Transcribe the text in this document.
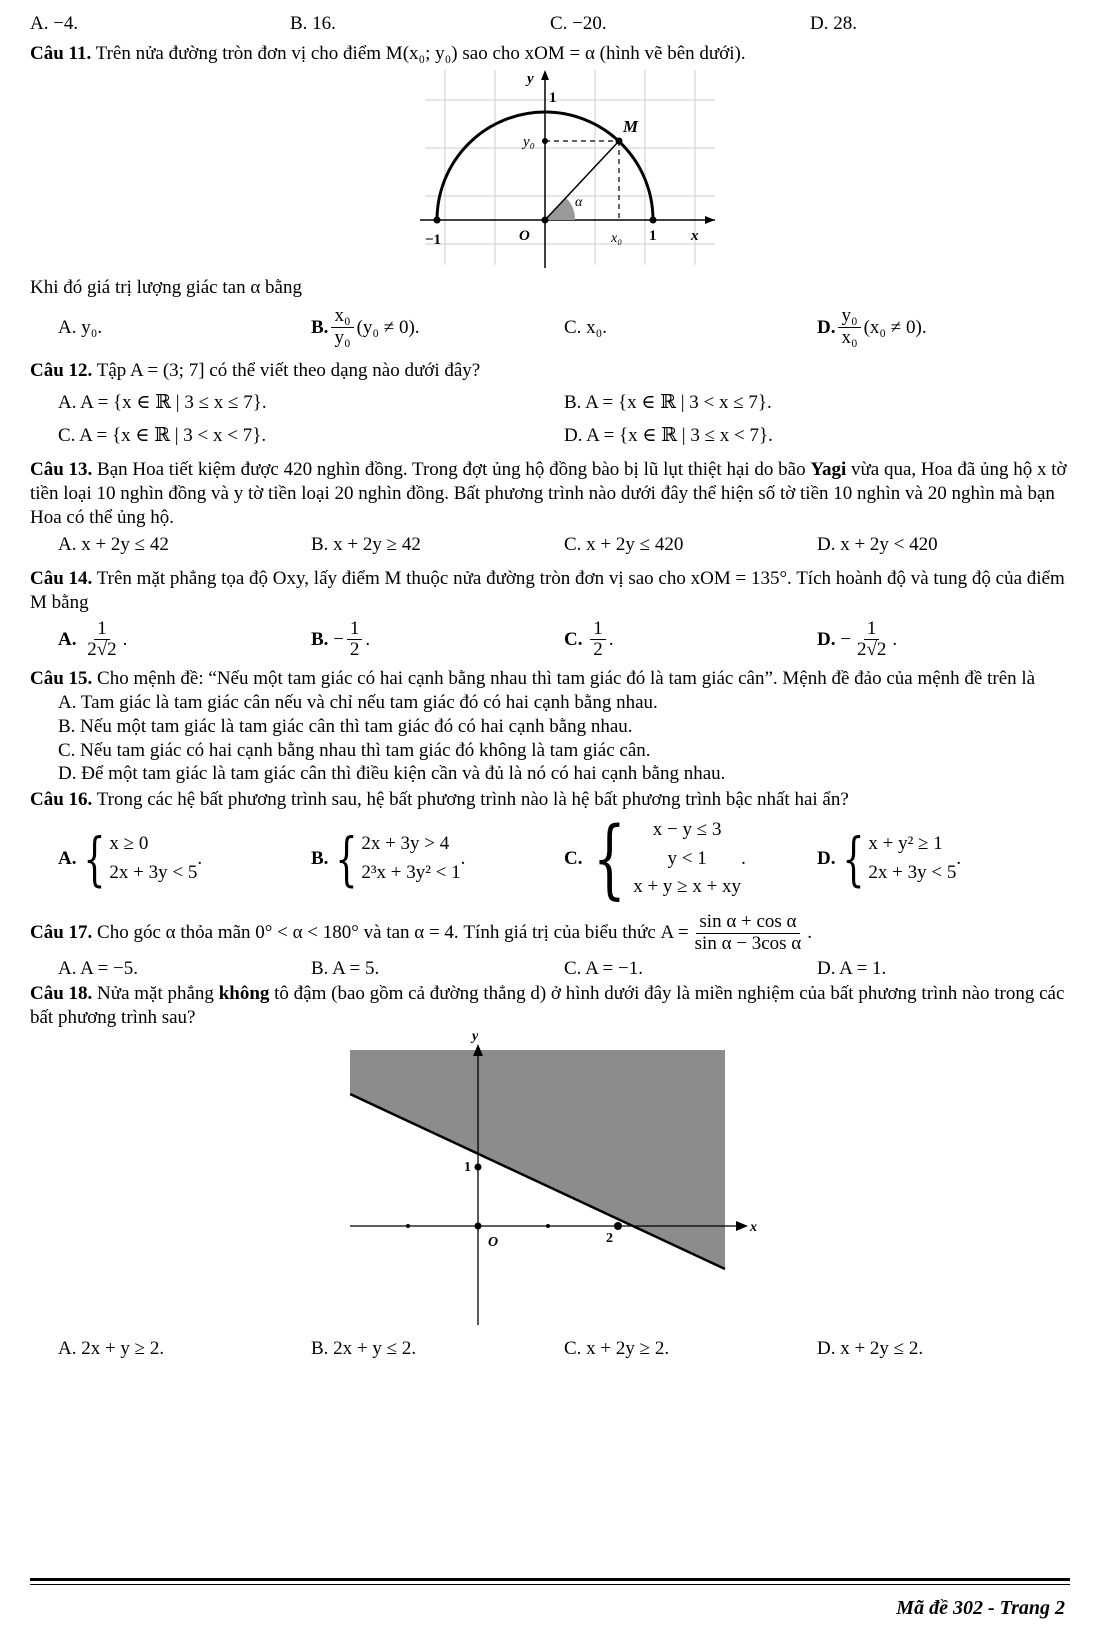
A. −4.	B. 16.	C. −20.	D. 28.
Câu 11. Trên nửa đường tròn đơn vị cho điểm M(x₀; y₀) sao cho xOM = α (hình vẽ bên dưới).
y
1
y₀
M
α
−1	O	x₀ 1 x
Khi đó giá trị lượng giác tan α bằng
A. y₀.	B. $\frac{\text{x₀}}{\text{y₀}} (y_0 \ne 0)$.	C. x₀.	D. $\frac{\text{y₀}}{\text{x₀}} (x_0 \ne 0)$.
Câu 12. Tập A = (3; 7] có thể viết theo dạng nào dưới đây?
A. A = {x ∈ ℝ | 3 ≤ x ≤ 7}.	B. A = {x ∈ ℝ | 3 < x ≤ 7}.
C. A = {x ∈ ℝ | 3 < x < 7}.	D. A = {x ∈ ℝ | 3 ≤ x < 7}.
Câu 13. Bạn Hoa tiết kiệm được 420 nghìn đồng. Trong đợt ủng hộ đồng bào bị lũ lụt thiệt hại do bão Yagi vừa qua, Hoa đã ủng hộ x tờ tiền loại 10 nghìn đồng và y tờ tiền loại 20 nghìn đồng. Bất phương trình nào dưới đây thể hiện số tờ tiền 10 nghìn và 20 nghìn mà bạn Hoa có thể ủng hộ.
A. x + 2y ≤ 42	B. x + 2y ≥ 42	C. x + 2y ≤ 420	D. x + 2y < 420
Câu 14. Trên mặt phẳng tọa độ Oxy, lấy điểm M thuộc nửa đường tròn đơn vị sao cho xOM = 135°. Tích hoành độ và tung độ của điểm M bằng
A.
$\frac{1}{2√2}$ .	B.
− $\frac{1}{2}$ .	C.
$\frac{1}{2}$ .	D.
− $\frac{1}{2√2}$ .
Câu 15. Cho mệnh đề: “Nếu một tam giác có hai cạnh bằng nhau thì tam giác đó là tam giác cân”. Mệnh đề đảo của mệnh đề trên là
A. Tam giác là tam giác cân nếu và chỉ nếu tam giác đó có hai cạnh bằng nhau.
B. Nếu một tam giác là tam giác cân thì tam giác đó có hai cạnh bằng nhau.
C. Nếu tam giác có hai cạnh bằng nhau thì tam giác đó không là tam giác cân.
D. Để một tam giác là tam giác cân thì điều kiện cần và đủ là nó có hai cạnh bằng nhau.
Câu 16. Trong các hệ bất phương trình sau, hệ bất phương trình nào là hệ bất phương trình bậc nhất hai ẩn?
A. { x ≥ 0
2x + 3y < 5
.	B. { 2x + 3y > 4
2³x + 3y² < 1
.	C. { x − y ≤ 3
y < 1
x + y ≥ x + xy
.	D. { x + y² ≥ 1
2x + 3y < 5
.
Câu 17.
Cho góc α thỏa mãn 0° < α < 180° và tan α = 4. Tính giá trị của biểu thức
$A = \frac{\text{sin α + cos α}}{\text{sin α − 3cos α}}$ .
A. A = −5.	B. A = 5.	C. A = −1.	D. A = 1.
Câu 18. Nửa mặt phẳng không tô đậm (bao gồm cả đường thẳng d) ở hình dưới đây là miền nghiệm của bất phương trình nào trong các bất phương trình sau?
y
x
O
1
2
A. 2x + y ≥ 2.	B. 2x + y ≤ 2.	C. x + 2y ≥ 2.	D. x + 2y ≤ 2.
Mã đề 302 - Trang 2
